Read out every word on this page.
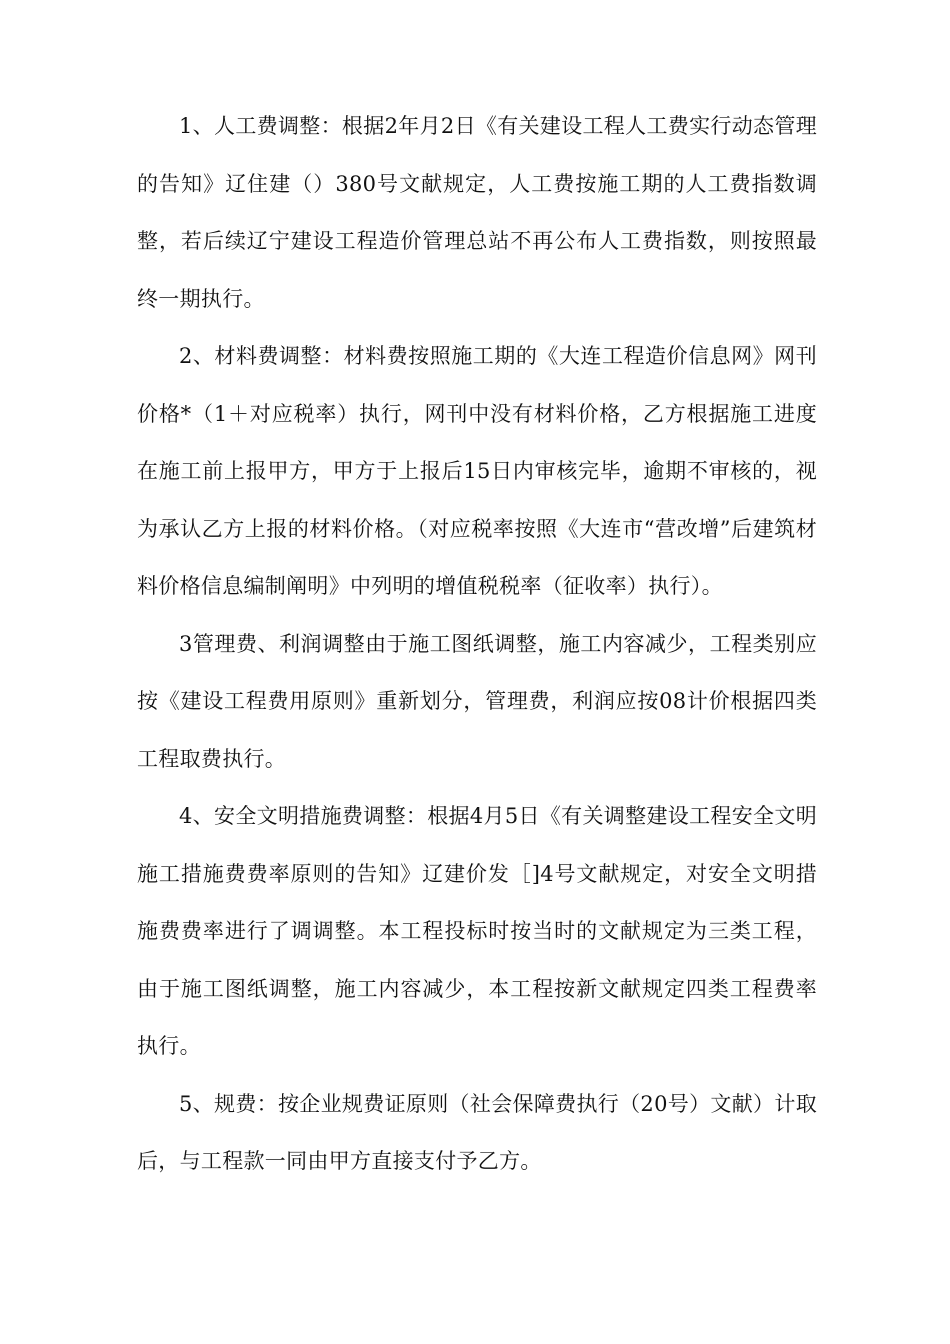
1、人工费调整：根据2年月2日《有关建设工程人工费实行动态管理的告知》辽住建（）380号文献规定，人工费按施工期的人工费指数调整，若后续辽宁建设工程造价管理总站不再公布人工费指数，则按照最终一期执行。

2、材料费调整：材料费按照施工期的《大连工程造价信息网》网刊价格*（1＋对应税率）执行，网刊中没有材料价格，乙方根据施工进度在施工前上报甲方，甲方于上报后15日内审核完毕，逾期不审核的，视为承认乙方上报的材料价格。（对应税率按照《大连市“营改增”后建筑材料价格信息编制阐明》中列明的增值税税率（征收率）执行）。

3管理费、利润调整由于施工图纸调整，施工内容减少，工程类别应按《建设工程费用原则》重新划分，管理费，利润应按08计价根据四类工程取费执行。

4、安全文明措施费调整：根据4月5日《有关调整建设工程安全文明施工措施费费率原则的告知》辽建价发［]4号文献规定，对安全文明措施费费率进行了调调整。本工程投标时按当时的文献规定为三类工程，由于施工图纸调整，施工内容减少，本工程按新文献规定四类工程费率执行。

5、规费：按企业规费证原则（社会保障费执行（20号）文献）计取后，与工程款一同由甲方直接支付予乙方。
